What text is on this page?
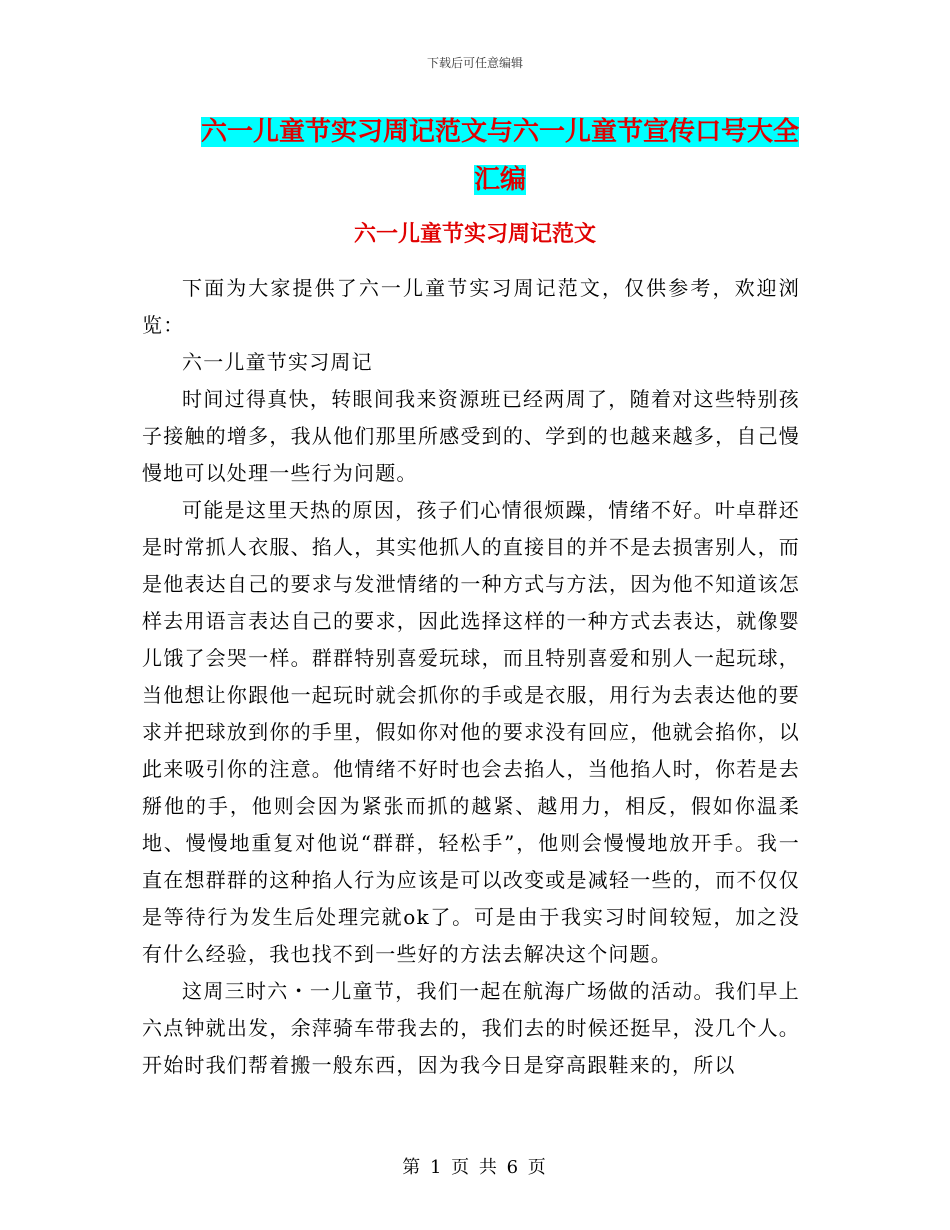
下载后可任意编辑
六一儿童节实习周记范文与六一儿童节宣传口号大全
汇编
六一儿童节实习周记范文

下面为大家提供了六一儿童节实习周记范文，仅供参考，欢迎浏览：

六一儿童节实习周记

时间过得真快，转眼间我来资源班已经两周了，随着对这些特别孩子接触的增多，我从他们那里所感受到的、学到的也越来越多，自己慢慢地可以处理一些行为问题。

可能是这里天热的原因，孩子们心情很烦躁，情绪不好。叶卓群还是时常抓人衣服、掐人，其实他抓人的直接目的并不是去损害别人，而是他表达自己的要求与发泄情绪的一种方式与方法，因为他不知道该怎样去用语言表达自己的要求，因此选择这样的一种方式去表达，就像婴儿饿了会哭一样。群群特别喜爱玩球，而且特别喜爱和别人一起玩球，当他想让你跟他一起玩时就会抓你的手或是衣服，用行为去表达他的要求并把球放到你的手里，假如你对他的要求没有回应，他就会掐你，以此来吸引你的注意。他情绪不好时也会去掐人，当他掐人时，你若是去掰他的手，他则会因为紧张而抓的越紧、越用力，相反，假如你温柔地、慢慢地重复对他说“群群，轻松手”，他则会慢慢地放开手。我一直在想群群的这种掐人行为应该是可以改变或是减轻一些的，而不仅仅是等待行为发生后处理完就ok了。可是由于我实习时间较短，加之没有什么经验，我也找不到一些好的方法去解决这个问题。

这周三时六・一儿童节，我们一起在航海广场做的活动。我们早上六点钟就出发，余萍骑车带我去的，我们去的时候还挺早，没几个人。开始时我们帮着搬一般东西，因为我今日是穿高跟鞋来的，所以

第 1 页 共 6 页
